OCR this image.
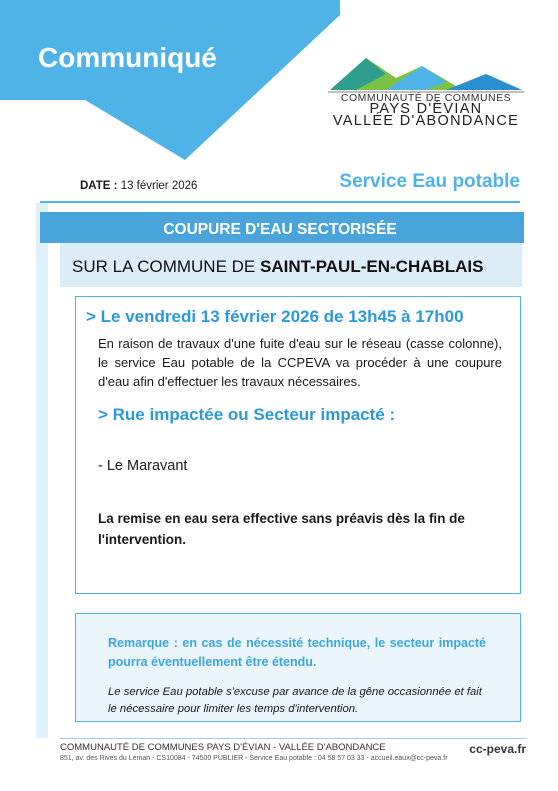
Communiqué
COMMUNAUTÉ DE COMMUNES
PAYS D'ÉVIAN
VALLÉE D'ABONDANCE
DATE : 13 février 2026	Service Eau potable
COUPURE D'EAU SECTORISÉE
SUR LA COMMUNE DE SAINT-PAUL-EN-CHABLAIS
> Le vendredi 13 février 2026 de 13h45 à 17h00
En raison de travaux d'une fuite d'eau sur le réseau (casse colonne), le service Eau potable de la CCPEVA va procéder à une coupure d'eau afin d'effectuer les travaux nécessaires.
> Rue impactée ou Secteur impacté :
- Le Maravant
La remise en eau sera effective sans préavis dès la fin de l'intervention.
Remarque : en cas de nécessité technique, le secteur impacté pourra éventuellement être étendu.
Le service Eau potable s'excuse par avance de la gêne occasionnée et fait le nécessaire pour limiter les temps d'intervention.
COMMUNAUTÉ DE COMMUNES PAYS D'ÉVIAN - VALLÉE D'ABONDANCE
851, av. des Rives du Léman - CS10084 - 74500 PUBLIER - Service Eau potable : 04 58 57 03 33 - accueil.eaux@cc-peva.fr
cc-peva.fr
